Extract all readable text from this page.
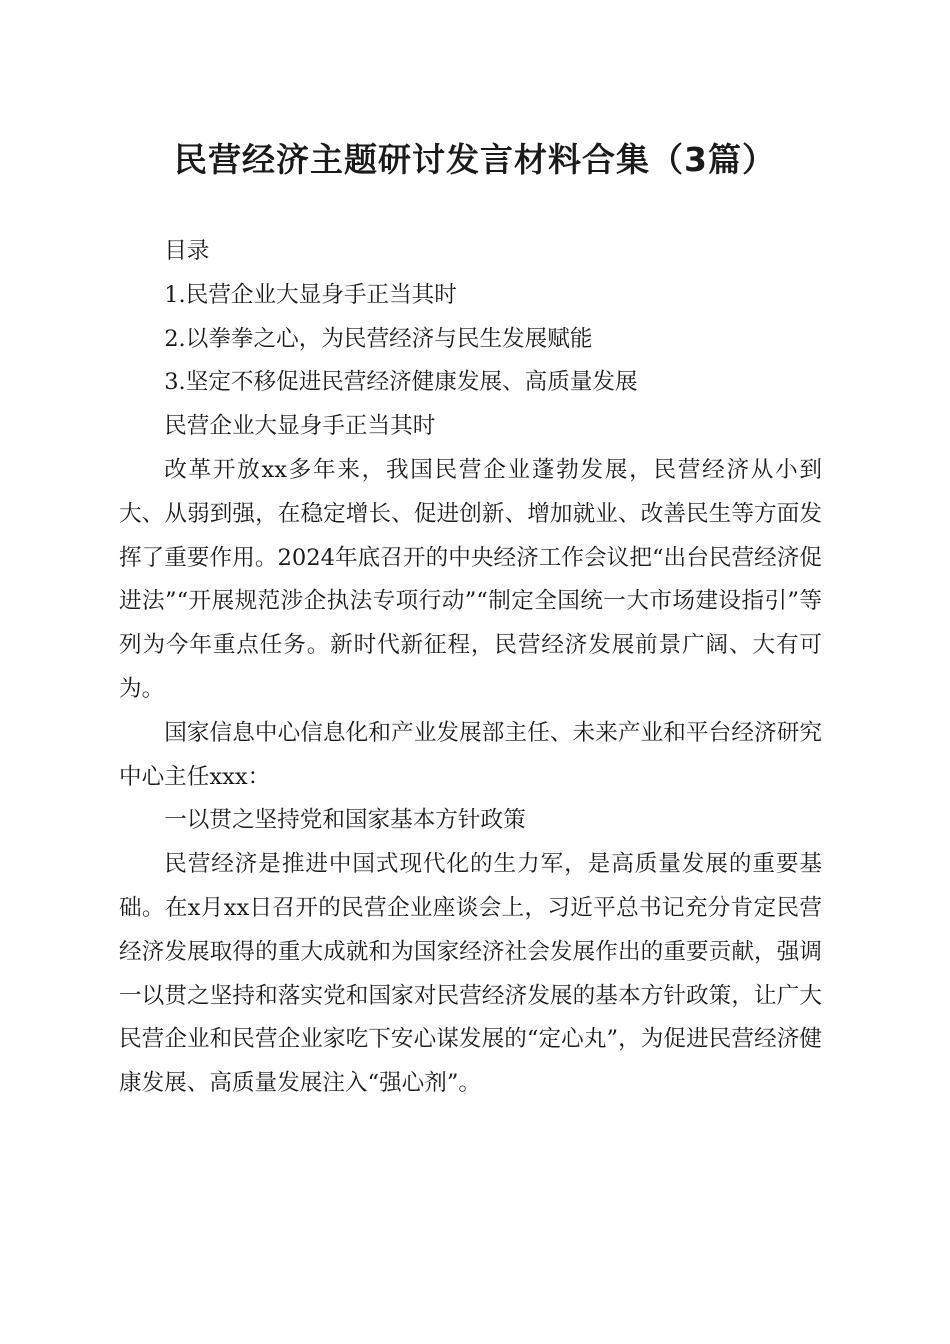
民营经济主题研讨发言材料合集（3篇）

目录

1.民营企业大显身手正当其时

2.以拳拳之心，为民营经济与民生发展赋能

3.坚定不移促进民营经济健康发展、高质量发展

民营企业大显身手正当其时

改革开放xx多年来，我国民营企业蓬勃发展，民营经济从小到大、从弱到强，在稳定增长、促进创新、增加就业、改善民生等方面发挥了重要作用。2024年底召开的中央经济工作会议把“出台民营经济促进法”“开展规范涉企执法专项行动”“制定全国统一大市场建设指引”等列为今年重点任务。新时代新征程，民营经济发展前景广阔、大有可为。

国家信息中心信息化和产业发展部主任、未来产业和平台经济研究中心主任xxx：

一以贯之坚持党和国家基本方针政策

民营经济是推进中国式现代化的生力军，是高质量发展的重要基础。在x月xx日召开的民营企业座谈会上，习近平总书记充分肯定民营经济发展取得的重大成就和为国家经济社会发展作出的重要贡献，强调一以贯之坚持和落实党和国家对民营经济发展的基本方针政策，让广大民营企业和民营企业家吃下安心谋发展的“定心丸”，为促进民营经济健康发展、高质量发展注入“强心剂”。
